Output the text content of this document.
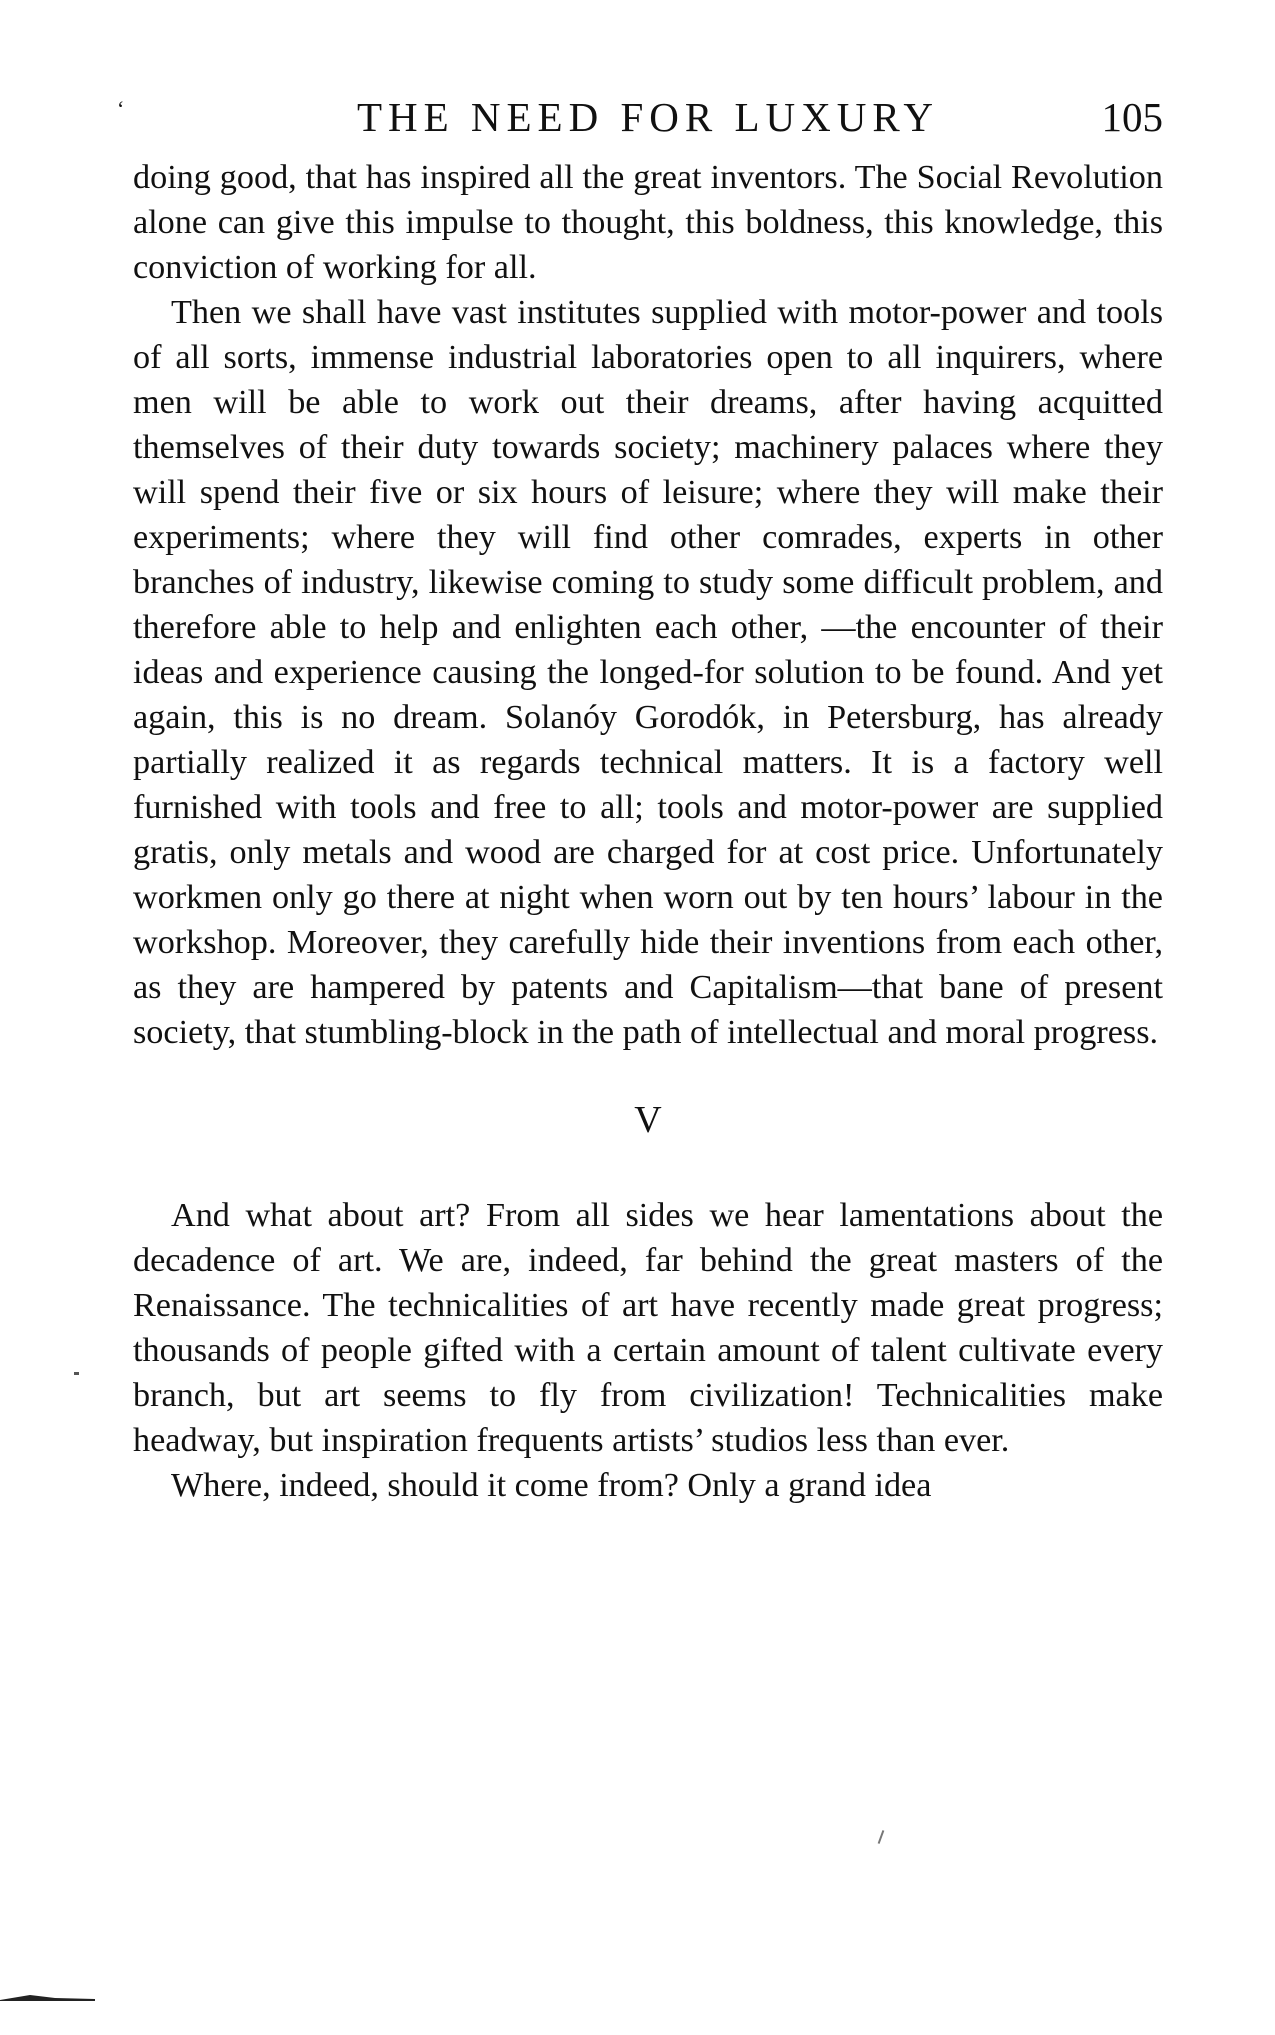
‘	THE NEED FOR LUXURY	105

doing good, that has inspired all the great inventors. The Social Revolution alone can give this impulse to thought, this boldness, this knowledge, this conviction of working for all.

Then we shall have vast institutes supplied with motor-power and tools of all sorts, immense industrial laboratories open to all inquirers, where men will be able to work out their dreams, after having acquitted themselves of their duty towards society; machinery palaces where they will spend their five or six hours of leisure; where they will make their experiments; where they will find other comrades, experts in other branches of industry, likewise coming to study some difficult problem, and therefore able to help and enlighten each other, —the encounter of their ideas and experience causing the longed-for solution to be found. And yet again, this is no dream. Solanóy Gorodók, in Petersburg, has already partially realized it as regards technical matters. It is a factory well furnished with tools and free to all; tools and motor-power are supplied gratis, only metals and wood are charged for at cost price. Unfortunately workmen only go there at night when worn out by ten hours’ labour in the workshop. Moreover, they carefully hide their inventions from each other, as they are hampered by patents and Capitalism—that bane of present society, that stumbling-block in the path of intellectual and moral progress.

V

And what about art? From all sides we hear lamentations about the decadence of art. We are, indeed, far behind the great masters of the Renaissance. The technicalities of art have recently made great progress; thousands of people gifted with a certain amount of talent cultivate every branch, but art seems to fly from civilization! Technicalities make headway, but inspiration frequents artists’ studios less than ever.

Where, indeed, should it come from? Only a grand idea
